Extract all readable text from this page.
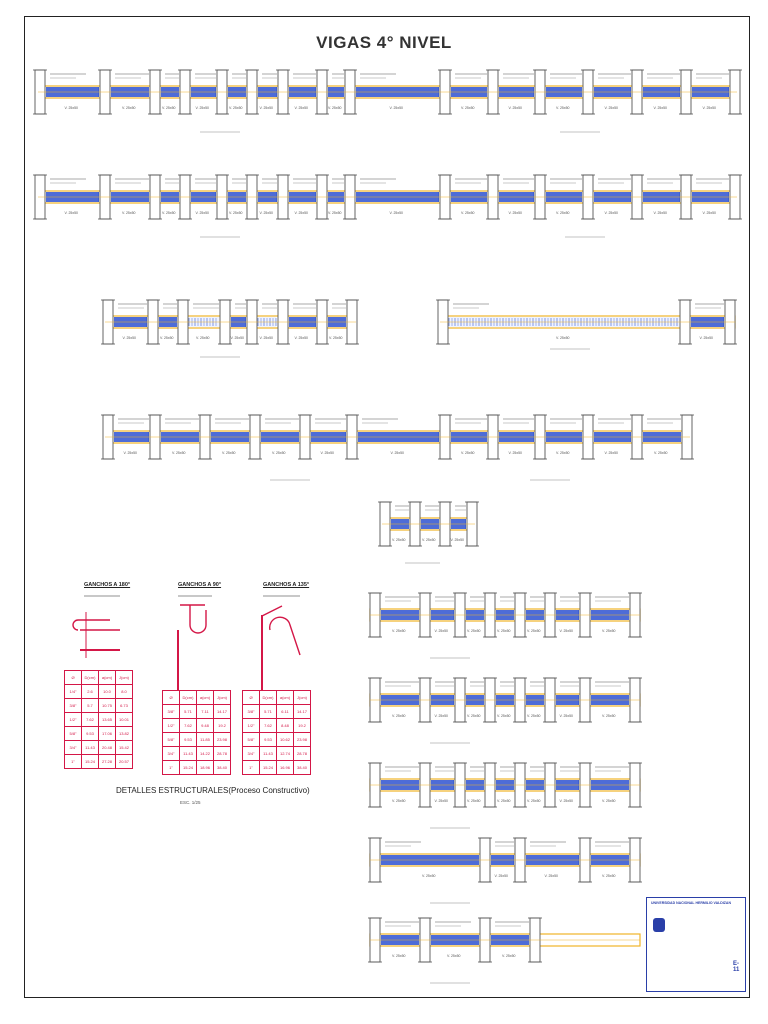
VIGAS 4° NIVEL
V. 25x50	V. 25x50	V. 25x50	V. 25x50	V. 25x50	V. 25x50	V. 25x50	V. 25x50	V. 25x50	V. 25x50	V. 25x50	V. 25x50	V. 25x50	V. 25x50	V. 25x50
V. 25x50	V. 25x50	V. 25x50	V. 25x50	V. 25x50	V. 25x50	V. 25x50	V. 25x50	V. 25x50	V. 25x50	V. 25x50	V. 25x50	V. 25x50	V. 25x50	V. 25x50
V. 25x50	V. 25x50	V. 25x50	V. 25x50	V. 25x50	V. 25x50	V. 25x50	V. 25x50	V. 25x50
V. 25x50	V. 25x50	V. 25x50	V. 25x50	V. 25x50	V. 25x50	V. 25x50	V. 25x50	V. 25x50	V. 25x50	V. 25x50
V. 25x50	V. 25x50	V. 25x50
V. 25x50	V. 25x50	V. 25x50	V. 25x50	V. 25x50	V. 25x50	V. 25x50
V. 25x50	V. 25x50	V. 25x50	V. 25x50	V. 25x50	V. 25x50	V. 25x50
V. 25x50	V. 25x50	V. 25x50	V. 25x50	V. 25x50	V. 25x50	V. 25x50
V. 25x50	V. 25x50	V. 25x50	V. 25x50
V. 25x50	V. 25x50	V. 25x50
GANCHOS A 180°	GANCHOS A 90°	GANCHOS A 135°
Ø	D(cm)	a(cm)	J(cm)
1/4"	2.6	10.0	8.0
3/8"	5.7	10.75	6.73
1/2"	7.62	13.65	10.01
5/8"	9.53	17.06	13.82
3/4"	11.43	20.48	15.42
1"	15.24	27.28	20.57
Ø	D(cm)	a(cm)	J(cm)
3/8"	5.71	7.11	14.17
1/2"	7.62	9.48	19.2
5/8"	9.53	11.85	23.98
3/4"	11.43	14.22	28.78
1"	15.24	18.96	38.40
Ø	D(cm)	a(cm)	J(cm)
3/8"	5.71	6.11	14.17
1/2"	7.62	8.48	19.2
5/8"	9.53	10.62	23.98
3/4"	11.43	12.74	28.78
1"	15.24	16.96	38.40
DETALLES ESTRUCTURALES(Proceso Constructivo)
ESC. 1/25
UNIVERSIDAD NACIONAL HERMILIO VALDIZAN
E-11
